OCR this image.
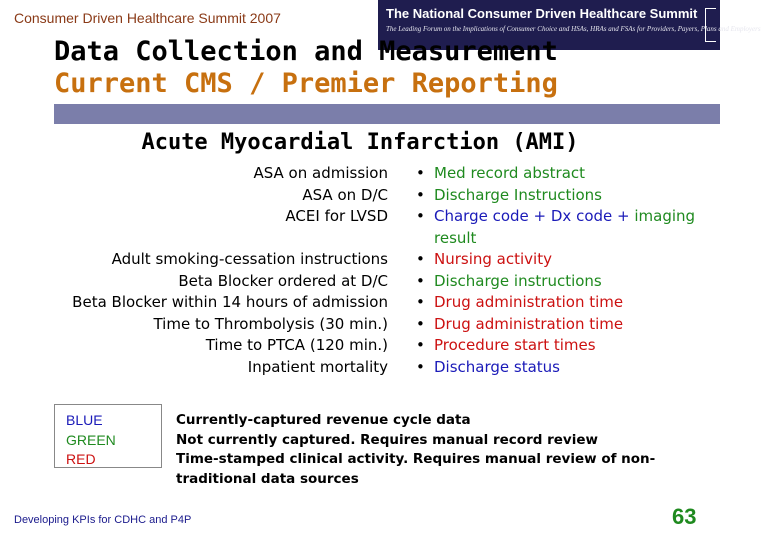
Consumer Driven Healthcare Summit 2007	The National Consumer Driven Healthcare Summit

The Leading Forum on the Implications of Consumer Choice and HSAs, HRAs and FSAs for Providers, Payers, Plans and Employers

Data Collection and Measurement
Current CMS / Premier Reporting
Acute Myocardial Infarction (AMI)
ASA on admission
ASA on D/C
ACEI for LVSD
Adult smoking-cessation instructions
Beta Blocker ordered at D/C
Beta Blocker within 14 hours of admission
Time to Thrombolysis (30 min.)
Time to PTCA (120 min.)
Inpatient mortality
• Med record abstract
• Discharge Instructions
• Charge code + Dx code + imaging result
• Nursing activity
• Discharge instructions
• Drug administration time
• Drug administration time
• Procedure start times
• Discharge status
BLUE
GREEN
RED
Currently-captured revenue cycle data
Not currently captured. Requires manual record review
Time-stamped clinical activity. Requires manual review of non-traditional data sources

Developing KPIs for CDHC and P4P	63
